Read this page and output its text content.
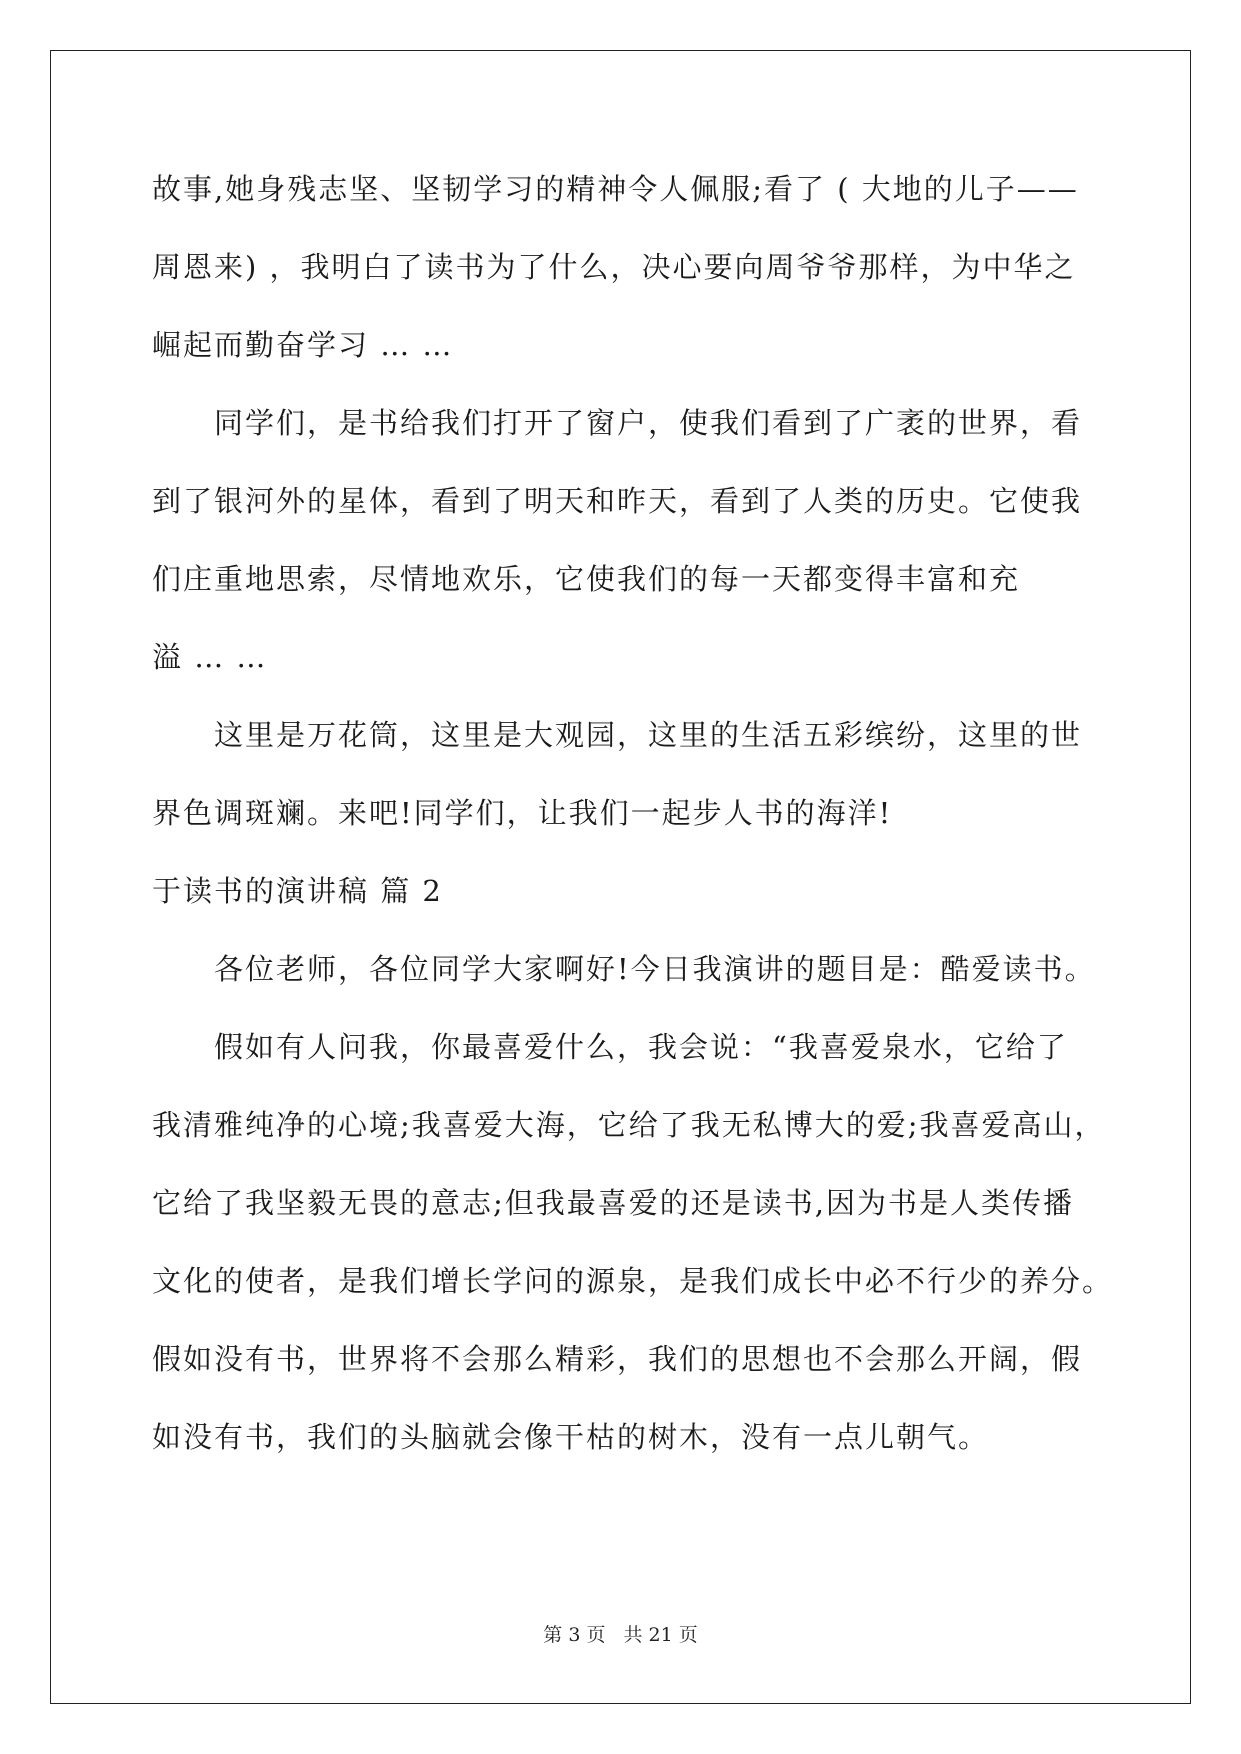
故事,她身残志坚、坚韧学习的精神令人佩服;看了 ( 大地的儿子——
周恩来) ，我明白了读书为了什么，决心要向周爷爷那样，为中华之
崛起而勤奋学习 … …
同学们，是书给我们打开了窗户，使我们看到了广袤的世界，看
到了银河外的星体，看到了明天和昨天，看到了人类的历史。它使我
们庄重地思索，尽情地欢乐，它使我们的每一天都变得丰富和充
溢 … …
这里是万花筒，这里是大观园，这里的生活五彩缤纷，这里的世
界色调斑斓。来吧!同学们，让我们一起步人书的海洋!
于读书的演讲稿 篇 2
各位老师，各位同学大家啊好!今日我演讲的题目是：酷爱读书。
假如有人问我，你最喜爱什么，我会说：“我喜爱泉水，它给了
我清雅纯净的心境;我喜爱大海，它给了我无私博大的爱;我喜爱高山，
它给了我坚毅无畏的意志;但我最喜爱的还是读书,因为书是人类传播
文化的使者，是我们增长学问的源泉，是我们成长中必不行少的养分。
假如没有书，世界将不会那么精彩，我们的思想也不会那么开阔，假
如没有书，我们的头脑就会像干枯的树木，没有一点儿朝气。
第 3 页 共 21 页
